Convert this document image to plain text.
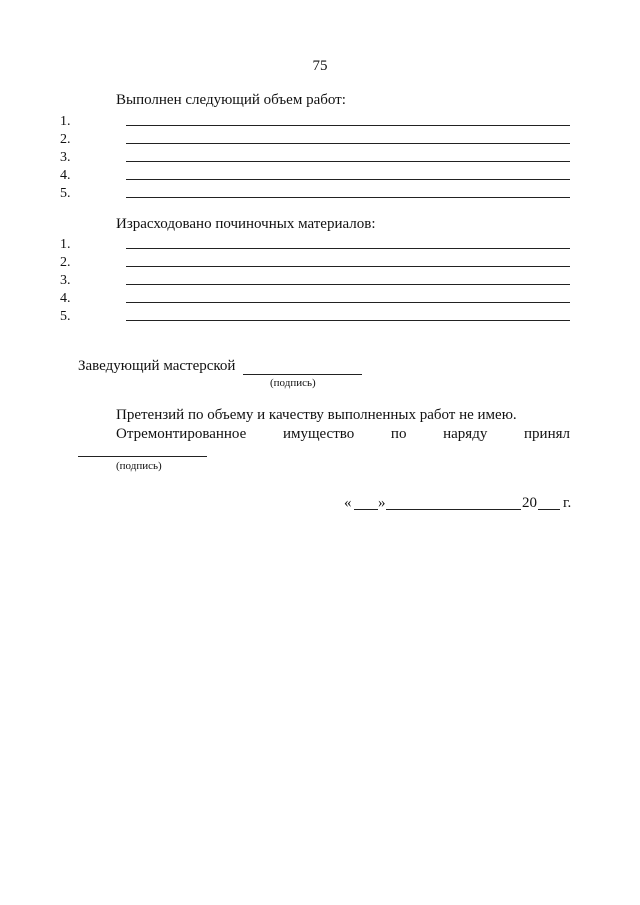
75
Выполнен следующий объем работ:
1.
2.
3.
4.
5.
Израсходовано починочных материалов:
1.
2.
3.
4.
5.
Заведующий мастерской
(подпись)
Претензий по объему и качеству выполненных работ не имею.
Отремонтированное имущество по наряду принял
(подпись)
« »	20 г.
